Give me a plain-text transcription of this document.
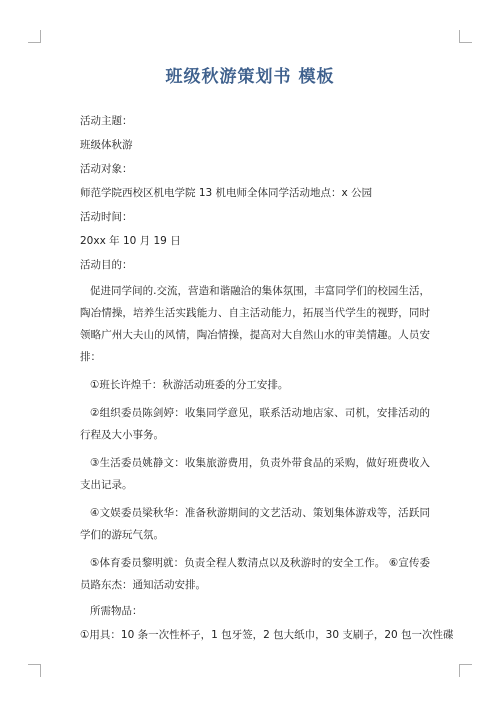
班级秋游策划书 模板
活动主题：
班级体秋游
活动对象：
师范学院西校区机电学院 13 机电师全体同学活动地点：x 公园
活动时间：
20xx 年 10 月 19 日
活动目的：
促进同学间的.交流，营造和谐融洽的集体氛围，丰富同学们的校园生活，陶冶情操，培养生活实践能力、自主活动能力，拓展当代学生的视野，同时领略广州大夫山的风情，陶冶情操，提高对大自然山水的审美情趣。人员安排：
①班长许煌千：秋游活动班委的分工安排。
②组织委员陈剑婷：收集同学意见，联系活动地店家、司机，安排活动的行程及大小事务。
③生活委员姚静文：收集旅游费用，负责外带食品的采购，做好班费收入支出记录。
④文娱委员梁秋华：准备秋游期间的文艺活动、策划集体游戏等，活跃同学们的游玩气氛。
⑤体育委员黎明就：负责全程人数清点以及秋游时的安全工作。 ⑥宣传委员路东杰：通知活动安排。
所需物品：
①用具：10 条一次性杯子，1 包牙签，2 包大纸巾，30 支刷子，20 包一次性碟
